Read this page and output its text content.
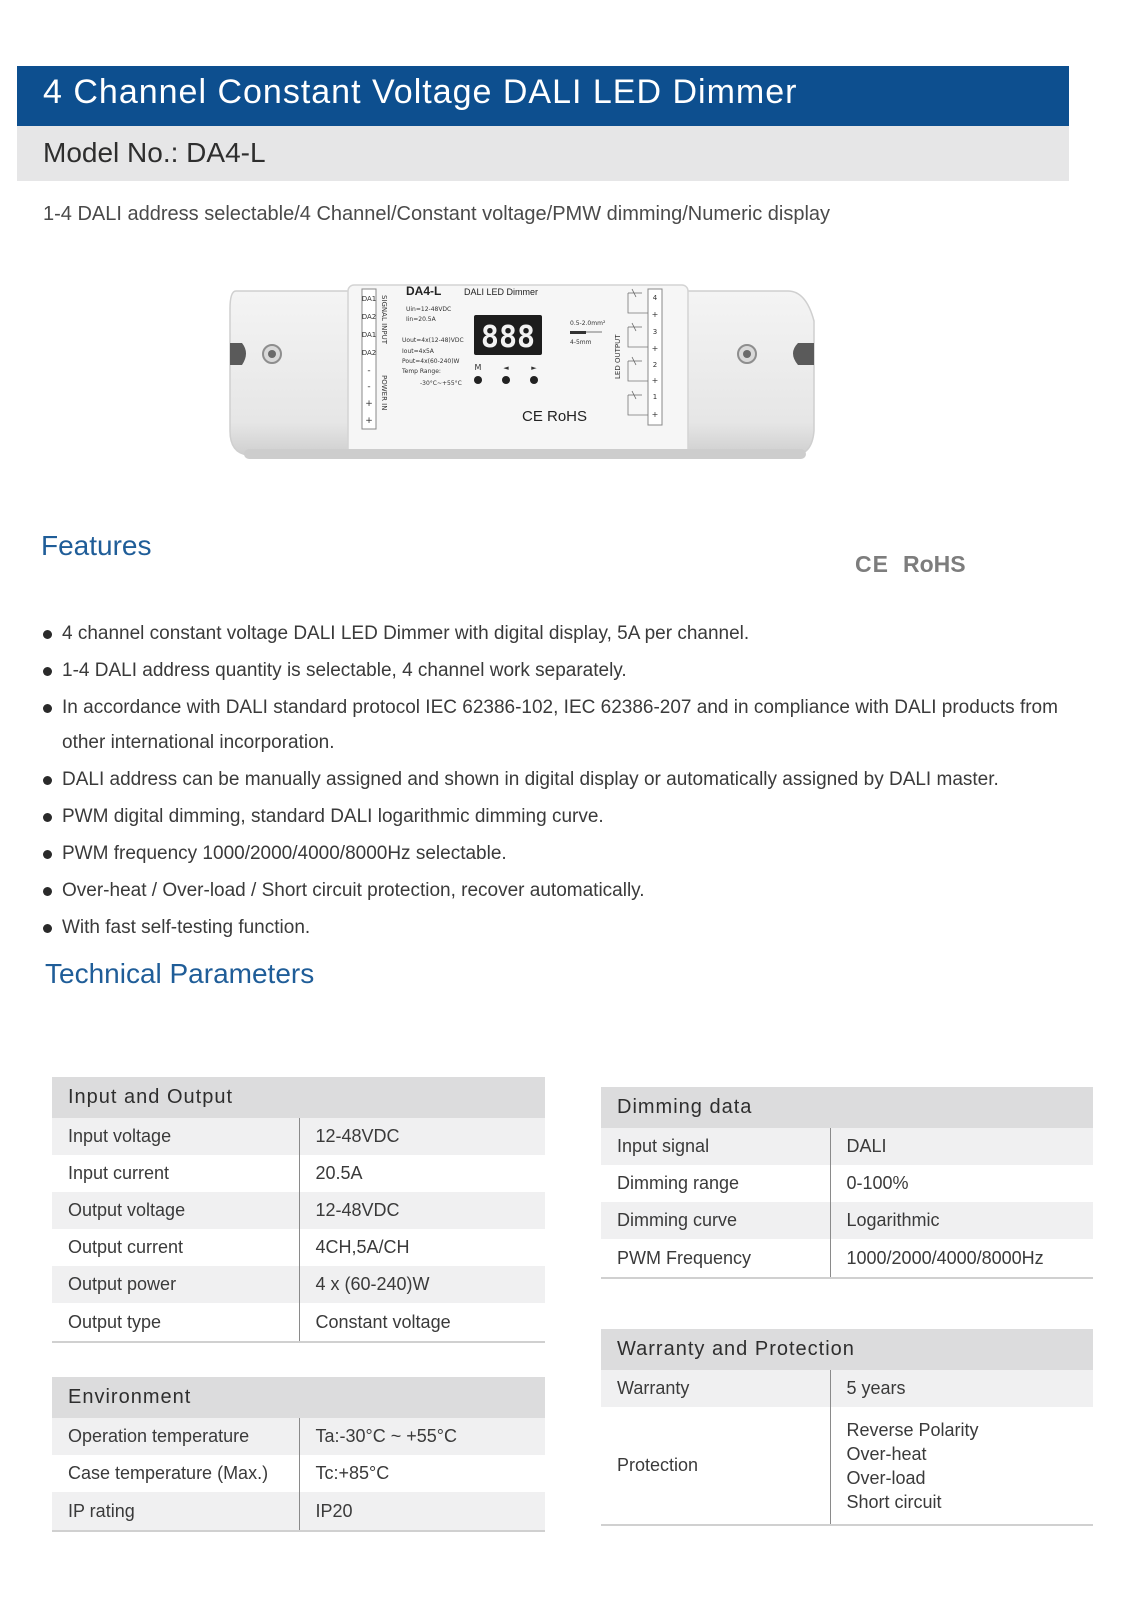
4 Channel Constant Voltage DALI LED Dimmer
Model No.: DA4-L
1-4 DALI address selectable/4 Channel/Constant voltage/PMW dimming/Numeric display
DA1
DA2
DA1
DA2
-
-
+
+
SIGNAL INPUT
POWER IN
DA4-L	DALI LED Dimmer
Uin=12-48VDC
Iin=20.5A
Uout=4x(12-48)VDC
Iout=4x5A
Pout=4x(60-240)W
Temp Range:
-30°C~+55°C
888
M	◄	►
0.5-2.0mm²
4-5mm
CE RoHS
LED OUTPUT
4
+
3
+
2
+
1
+
Features
CE RoHS
4 channel constant voltage DALI LED Dimmer with digital display, 5A per channel.
1-4 DALI address quantity is selectable, 4 channel work separately.
In accordance with DALI standard protocol IEC 62386-102, IEC 62386-207 and in compliance with DALI products from other international incorporation.
DALI address can be manually assigned and shown in digital display or automatically assigned by DALI master.
PWM digital dimming, standard DALI logarithmic dimming curve.
PWM frequency 1000/2000/4000/8000Hz selectable.
Over-heat / Over-load / Short circuit protection, recover automatically.
With fast self-testing function.
Technical Parameters
Input and Output	
Input voltage	12-48VDC
Input current	20.5A
Output voltage	12-48VDC
Output current	4CH,5A/CH
Output power	4 x (60-240)W
Output type	Constant voltage
Environment	
Operation temperature	Ta:-30°C ~ +55°C
Case temperature (Max.)	Tc:+85°C
IP rating	IP20
Dimming data	
Input signal	DALI
Dimming range	0-100%
Dimming curve	Logarithmic
PWM Frequency	1000/2000/4000/8000Hz
Warranty and Protection	
Warranty	5 years
Protection	Reverse Polarity
Over-heat
Over-load
Short circuit
